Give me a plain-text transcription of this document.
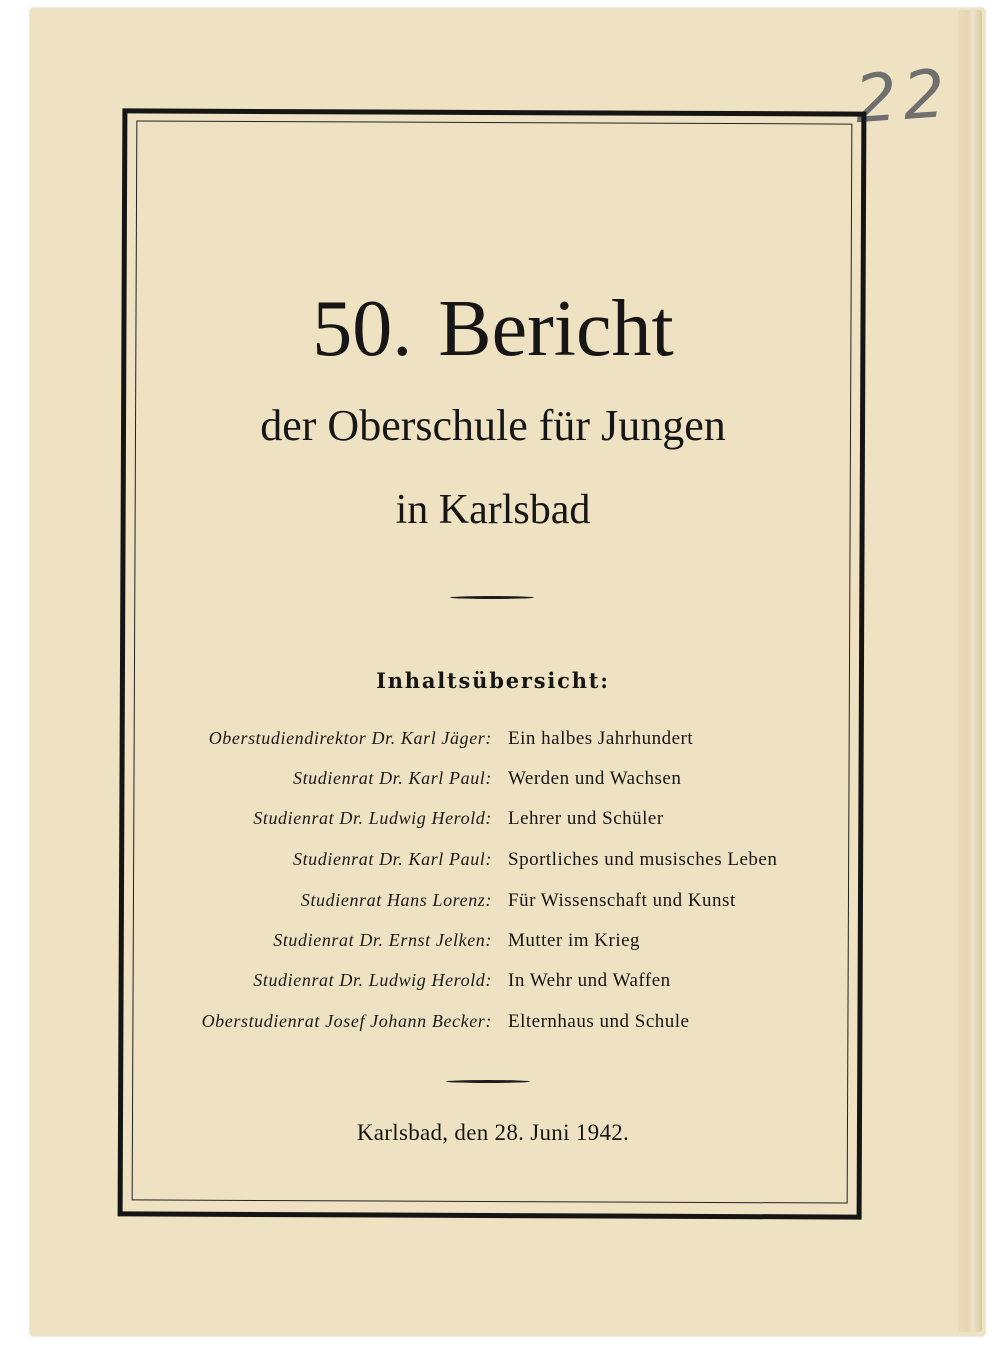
22
50. Bericht
der Oberschule für Jungen
in Karlsbad
Inhaltsübersicht:
Oberstudiendirektor Dr. Karl Jäger: Ein halbes Jahrhundert
Studienrat Dr. Karl Paul: Werden und Wachsen
Studienrat Dr. Ludwig Herold: Lehrer und Schüler
Studienrat Dr. Karl Paul: Sportliches und musisches Leben
Studienrat Hans Lorenz: Für Wissenschaft und Kunst
Studienrat Dr. Ernst Jelken: Mutter im Krieg
Studienrat Dr. Ludwig Herold: In Wehr und Waffen
Oberstudienrat Josef Johann Becker: Elternhaus und Schule
Karlsbad, den 28. Juni 1942.
